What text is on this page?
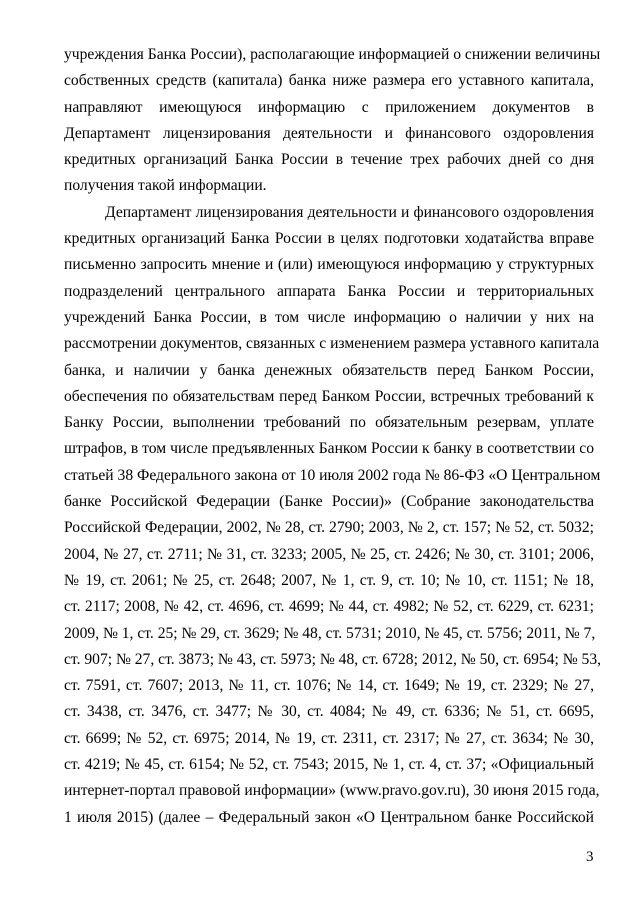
учреждения Банка России), располагающие информацией о снижении величины
собственных средств (капитала) банка ниже размера его уставного капитала,
направляют имеющуюся информацию с приложением документов в
Департамент лицензирования деятельности и финансового оздоровления
кредитных организаций Банка России в течение трех рабочих дней со дня
получения такой информации.
Департамент лицензирования деятельности и финансового оздоровления
кредитных организаций Банка России в целях подготовки ходатайства вправе
письменно запросить мнение и (или) имеющуюся информацию у структурных
подразделений центрального аппарата Банка России и территориальных
учреждений Банка России, в том числе информацию о наличии у них на
рассмотрении документов, связанных с изменением размера уставного капитала
банка, и наличии у банка денежных обязательств перед Банком России,
обеспечения по обязательствам перед Банком России, встречных требований к
Банку России, выполнении требований по обязательным резервам, уплате
штрафов, в том числе предъявленных Банком России к банку в соответствии со
статьей 38 Федерального закона от 10 июля 2002 года № 86-ФЗ «О Центральном
банке Российской Федерации (Банке России)» (Собрание законодательства
Российской Федерации, 2002, № 28, ст. 2790; 2003, № 2, ст. 157; № 52, ст. 5032;
2004, № 27, ст. 2711; № 31, ст. 3233; 2005, № 25, ст. 2426; № 30, ст. 3101; 2006,
№ 19, ст. 2061; № 25, ст. 2648; 2007, № 1, ст. 9, ст. 10; № 10, ст. 1151; № 18,
ст. 2117; 2008, № 42, ст. 4696, ст. 4699; № 44, ст. 4982; № 52, ст. 6229, ст. 6231;
2009, № 1, ст. 25; № 29, ст. 3629; № 48, ст. 5731; 2010, № 45, ст. 5756; 2011, № 7,
ст. 907; № 27, ст. 3873; № 43, ст. 5973; № 48, ст. 6728; 2012, № 50, ст. 6954; № 53,
ст. 7591, ст. 7607; 2013, № 11, ст. 1076; № 14, ст. 1649; № 19, ст. 2329; № 27,
ст. 3438, ст. 3476, ст. 3477; № 30, ст. 4084; № 49, ст. 6336; № 51, ст. 6695,
ст. 6699; № 52, ст. 6975; 2014, № 19, ст. 2311, ст. 2317; № 27, ст. 3634; № 30,
ст. 4219; № 45, ст. 6154; № 52, ст. 7543; 2015, № 1, ст. 4, ст. 37; «Официальный
интернет-портал правовой информации» (www.pravo.gov.ru), 30 июня 2015 года,
1 июля 2015) (далее – Федеральный закон «О Центральном банке Российской
3
